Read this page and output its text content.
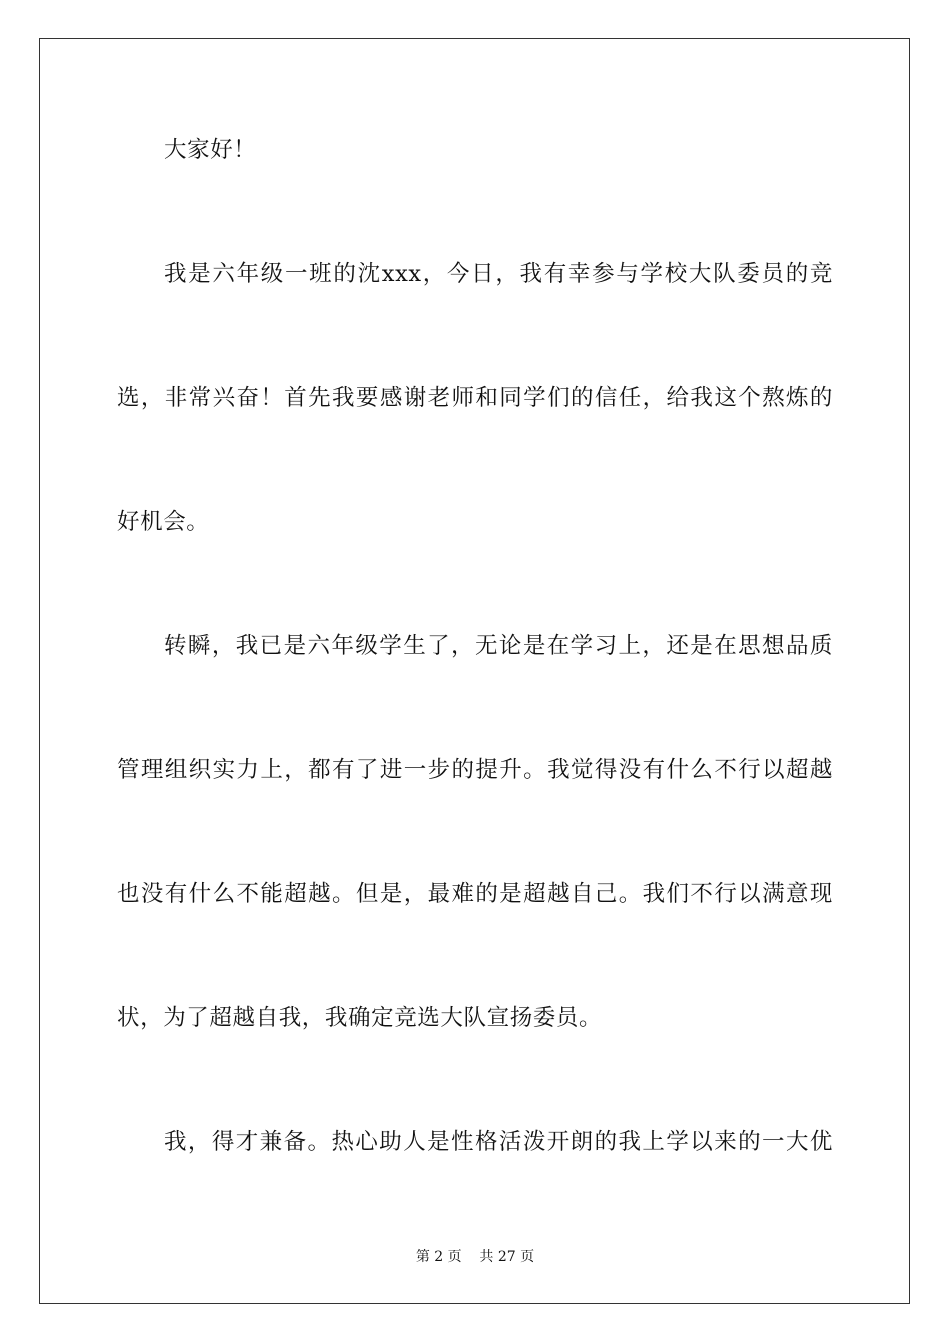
大家好！
我是六年级一班的沈xxx，今日，我有幸参与学校大队委员的竞
选，非常兴奋！首先我要感谢老师和同学们的信任，给我这个熬炼的
好机会。
转瞬，我已是六年级学生了，无论是在学习上，还是在思想品质
管理组织实力上，都有了进一步的提升。我觉得没有什么不行以超越
也没有什么不能超越。但是，最难的是超越自己。我们不行以满意现
状，为了超越自我，我确定竞选大队宣扬委员。
我，得才兼备。热心助人是性格活泼开朗的我上学以来的一大优
第 2 页    共 27 页
